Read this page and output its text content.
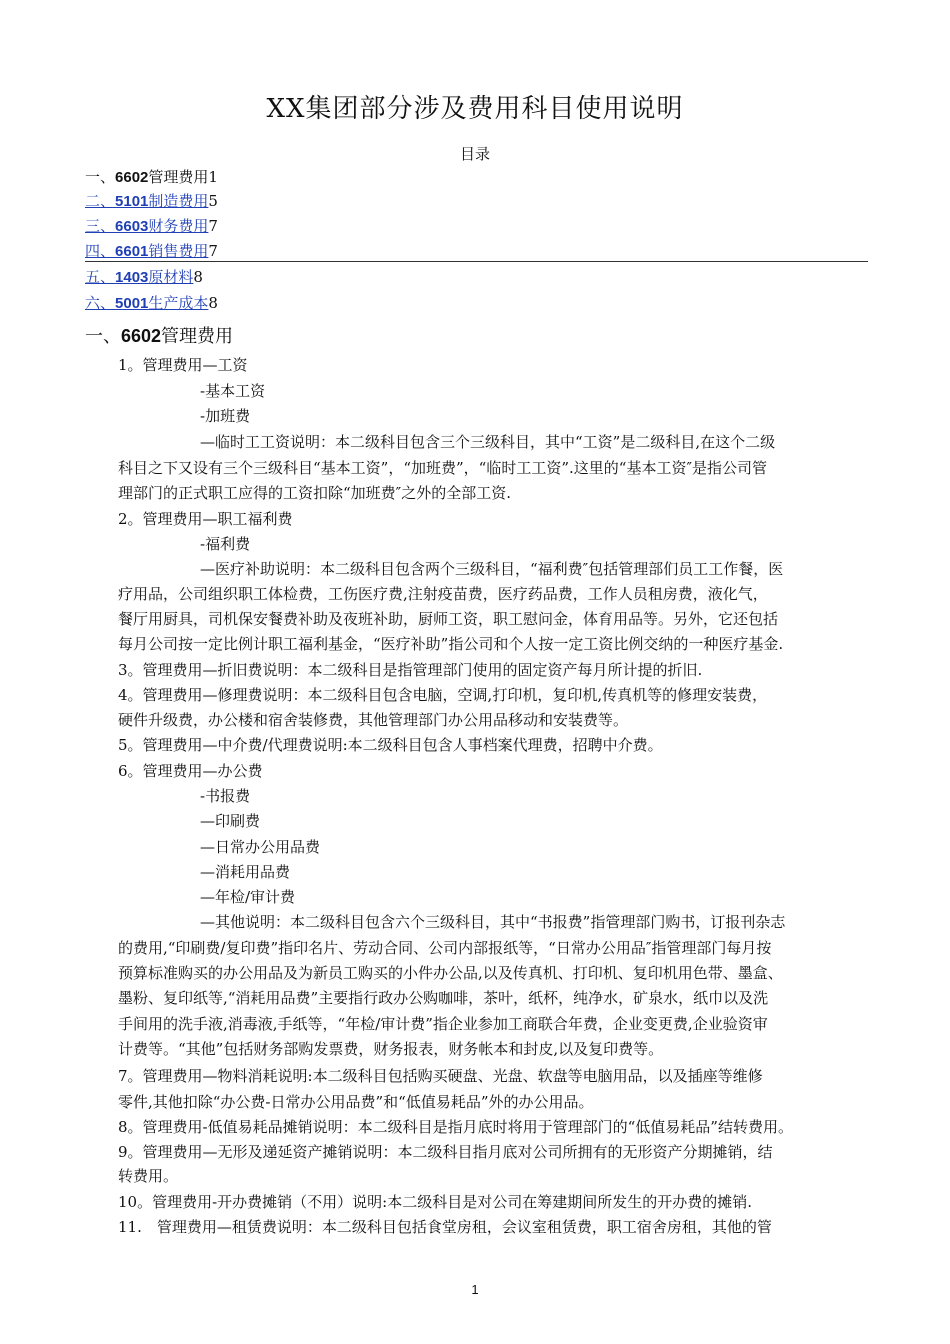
XX集团部分涉及费用科目使用说明
目录
一、6602管理费用1
二、5101制造费用5
三、6603财务费用7
四、6601销售费用7
五、1403原材料8
六、5001生产成本8
一、6602管理费用
1。管理费用—工资
-基本工资
-加班费
—临时工工资说明：本二级科目包含三个三级科目，其中“工资”是二级科目,在这个二级
科目之下又设有三个三级科目“基本工资”，“加班费”，“临时工工资”.这里的“基本工资″是指公司管
理部门的正式职工应得的工资扣除“加班费″之外的全部工资.
2。管理费用—职工福利费
-福利费
—医疗补助说明：本二级科目包含两个三级科目，“福利费″包括管理部们员工工作餐，医
疗用品，公司组织职工体检费，工伤医疗费,注射疫苗费，医疗药品费，工作人员租房费，液化气，
餐厅用厨具，司机保安餐费补助及夜班补助，厨师工资，职工慰问金，体育用品等。另外，它还包括
每月公司按一定比例计职工福利基金，“医疗补助”指公司和个人按一定工资比例交纳的一种医疗基金.
3。管理费用—折旧费说明：本二级科目是指管理部门使用的固定资产每月所计提的折旧.
4。管理费用—修理费说明：本二级科目包含电脑，空调,打印机，复印机,传真机等的修理安装费，
硬件升级费，办公楼和宿舍装修费，其他管理部门办公用品移动和安装费等。
5。管理费用—中介费/代理费说明:本二级科目包含人事档案代理费，招聘中介费。
6。管理费用—办公费
-书报费
—印刷费
—日常办公用品费
—消耗用品费
—年检/审计费
—其他说明：本二级科目包含六个三级科目，其中“书报费”指管理部门购书，订报刊杂志
的费用,“印刷费/复印费”指印名片、劳动合同、公司内部报纸等，“日常办公用品″指管理部门每月按
预算标准购买的办公用品及为新员工购买的小件办公品,以及传真机、打印机、复印机用色带、墨盒、
墨粉、复印纸等,“消耗用品费”主要指行政办公购咖啡，茶叶，纸杯，纯净水，矿泉水，纸巾以及洗
手间用的洗手液,消毒液,手纸等，“年检/审计费”指企业参加工商联合年费，企业变更费,企业验资审
计费等。“其他”包括财务部购发票费，财务报表，财务帐本和封皮,以及复印费等。
7。管理费用—物料消耗说明:本二级科目包括购买硬盘、光盘、软盘等电脑用品，以及插座等维修
零件,其他扣除“办公费-日常办公用品费”和“低值易耗品”外的办公用品。
8。管理费用-低值易耗品摊销说明：本二级科目是指月底时将用于管理部门的“低值易耗品”结转费用。
9。管理费用—无形及递延资产摊销说明：本二级科目指月底对公司所拥有的无形资产分期摊销，结
转费用。
10。管理费用-开办费摊销（不用）说明:本二级科目是对公司在筹建期间所发生的开办费的摊销.
11.　管理费用—租赁费说明：本二级科目包括食堂房租，会议室租赁费，职工宿舍房租，其他的管
1
